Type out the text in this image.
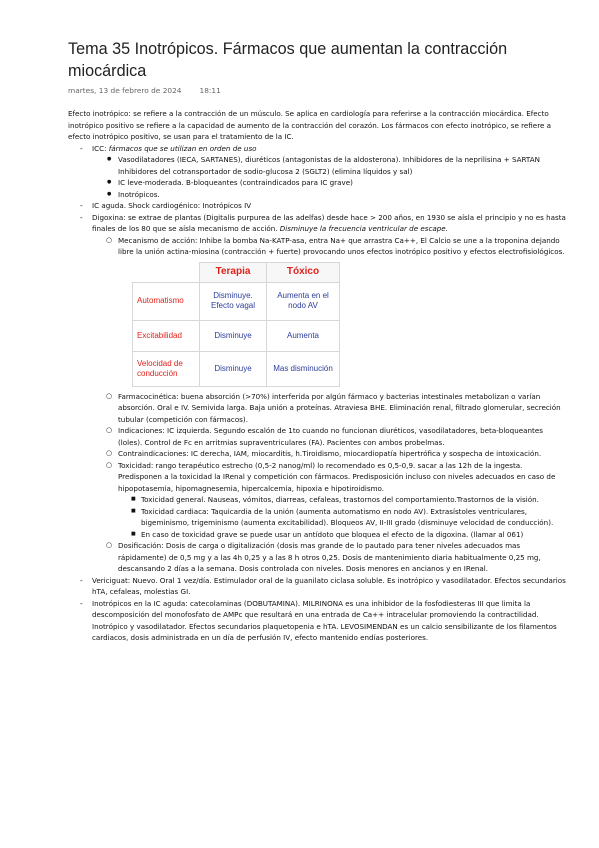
Tema 35 Inotrópicos. Fármacos que aumentan la contracción miocárdica
martes, 13 de febrero de 2024 18:11

Efecto inotrópico: se refiere a la contracción de un músculo. Se aplica en cardiología para referirse a la contracción miocárdica. Efecto inotrópico positivo se refiere a la capacidad de aumento de la contracción del corazón. Los fármacos con efecto inotrópico, se refiere a efecto inotrópico positivo, se usan para el tratamiento de la IC.

- ICC: fármacos que se utilizan en orden de uso
● Vasodilatadores (IECA, SARTANES), diuréticos (antagonistas de la aldosterona). Inhibidores de la neprilisina + SARTAN Inhibidores del cotransportador de sodio-glucosa 2 (SGLT2) (elimina líquidos y sal)
● IC leve-moderada. B-bloqueantes (contraindicados para IC grave)
● Inotrópicos.
- IC aguda. Shock cardiogénico: Inotrópicos IV
- Digoxina: se extrae de plantas (Digitalis purpurea de las adelfas) desde hace > 200 años, en 1930 se aísla el principio y no es hasta finales de los 80 que se aísla mecanismo de acción. Disminuye la frecuencia ventricular de escape.
○ Mecanismo de acción: Inhibe la bomba Na-KATP-asa, entra Na+ que arrastra Ca++, El Calcio se une a la troponina dejando libre la unión actina-miosina (contracción + fuerte) provocando unos efectos inotrópico positivo y efectos electrofisiológicos.
	Terapia	Tóxico
Automatismo	Disminuye. Efecto vagal	Aumenta en el nodo AV
Excitabilidad	Disminuye	Aumenta
Velocidad de conducción	Disminuye	Mas disminución
○ Farmacocinética: buena absorción (>70%) interferida por algún fármaco y bacterias intestinales metabolizan o varían absorción. Oral e IV. Semivida larga. Baja unión a proteínas. Atraviesa BHE. Eliminación renal, filtrado glomerular, secreción tubular (competición con fármacos).
○ Indicaciones: IC izquierda. Segundo escalón de 1to cuando no funcionan diuréticos, vasodilatadores, beta-bloqueantes (loles). Control de Fc en arritmias supraventriculares (FA). Pacientes con ambos probelmas.
○ Contraindicaciones: IC derecha, IAM, miocarditis, h.Tiroidismo, miocardiopatía hipertrófica y sospecha de intoxicación.
○ Toxicidad: rango terapéutico estrecho (0,5-2 nanog/ml) lo recomendado es 0,5-0,9. sacar a las 12h de la ingesta. Predisponen a la toxicidad la IRenal y competición con fármacos. Predisposición incluso con niveles adecuados en caso de hipopotasemia, hipomagnesemia, hipercalcemia, hipoxia e hipotiroidismo.
■ Toxicidad general. Nauseas, vómitos, diarreas, cefaleas, trastornos del comportamiento.Trastornos de la visión.
■ Toxicidad cardiaca: Taquicardia de la unión (aumenta automatismo en nodo AV). Extrasístoles ventriculares, bigeminismo, trigeminismo (aumenta excitabilidad). Bloqueos AV, II-III grado (disminuye velocidad de conducción).
■ En caso de toxicidad grave se puede usar un antídoto que bloquea el efecto de la digoxina. (llamar al 061)
○ Dosificación: Dosis de carga o digitalización (dosis mas grande de lo pautado para tener niveles adecuados mas rápidamente) de 0,5 mg y a las 4h 0,25 y a las 8 h otros 0,25. Dosis de mantenimiento diaria habitualmente 0,25 mg, descansando 2 días a la semana. Dosis controlada con niveles. Dosis menores en ancianos y en IRenal.
- Vericiguat: Nuevo. Oral 1 vez/día. Estimulador oral de la guanilato ciclasa soluble. Es inotrópico y vasodilatador. Efectos secundarios hTA, cefaleas, molestias GI.
- Inotrópicos en la IC aguda: catecolaminas (DOBUTAMINA). MILRINONA es una inhibidor de la fosfodiesteras III que limita la descomposición del monofosfato de AMPc que resultará en una entrada de Ca++ intracelular promoviendo la contractilidad. Inotrópico y vasodilatador. Efectos secundarios plaquetopenia e hTA. LEVOSIMENDAN es un calcio sensibilizante de los filamentos cardiacos, dosis administrada en un día de perfusión IV, efecto mantenido endías posteriores.
